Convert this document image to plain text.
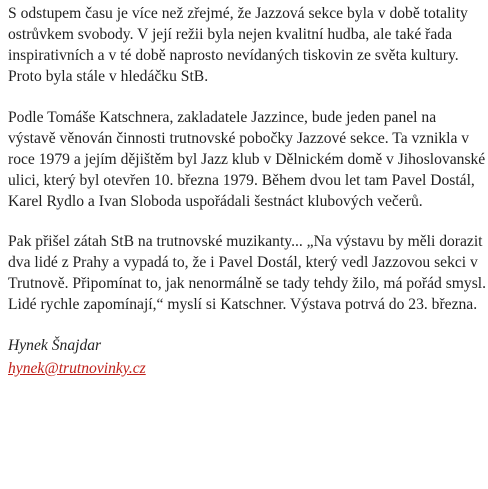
S odstupem času je více než zřejmé, že Jazzová sekce byla v době totality ostrůvkem svobody. V její režii byla nejen kvalitní hudba, ale také řada inspirativních a v té době naprosto nevídaných tiskovin ze světa kultury. Proto byla stále v hledáčku StB.

Podle Tomáše Katschnera, zakladatele Jazzince, bude jeden panel na výstavě věnován činnosti trutnovské pobočky Jazzové sekce. Ta vznikla v roce 1979 a jejím dějištěm byl Jazz klub v Dělnickém domě v Jihoslovanské ulici, který byl otevřen 10. března 1979. Během dvou let tam Pavel Dostál, Karel Rydlo a Ivan Sloboda uspořádali šestnáct klubových večerů.

Pak přišel zátah StB na trutnovské muzikanty... „Na výstavu by měli dorazit dva lidé z Prahy a vypadá to, že i Pavel Dostál, který vedl Jazzovou sekci v Trutnově. Připomínat to, jak nenormálně se tady tehdy žilo, má pořád smysl. Lidé rychle zapomínají,“ myslí si Katschner. Výstava potrvá do 23. března.

Hynek Šnajdar
hynek@trutnovinky.cz
